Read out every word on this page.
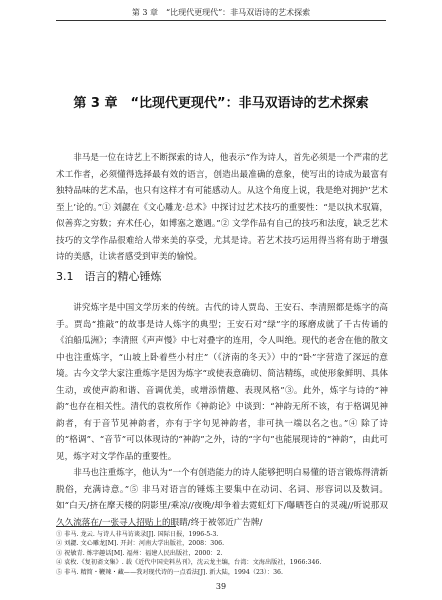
第 3 章　“比现代更现代”：非马双语诗的艺术探索
第 3 章　“比现代更现代”：非马双语诗的艺术探索

非马是一位在诗艺上不断探索的诗人，他表示“作为诗人，首先必须是一个严肃的艺术工作者，必须懂得选择最有效的语言，创造出最准确的意象，使写出的诗成为最富有独特品味的艺术品，也只有这样才有可能感动人。从这个角度上说，我是绝对拥护‘艺术至上’论的。”① 刘勰在《文心雕龙·总术》中探讨过艺术技巧的重要性：“是以执术驭篇，似善弈之穷数；弃术任心，如博塞之邀遇。”② 文学作品有自己的技巧和法度，缺乏艺术技巧的文学作品很难给人带来美的享受，尤其是诗。若艺术技巧运用得当将有助于增强诗的美感，让读者感受到审美的愉悦。

3.1　语言的精心锤炼

讲究炼字是中国文学历来的传统。古代的诗人贾岛、王安石、李清照都是炼字的高手。贾岛“推敲”的故事是诗人炼字的典型；王安石对“绿”字的琢磨成就了千古传诵的《泊船瓜洲》；李清照《声声慢》中七对叠字的连用，令人叫绝。现代的老舍在他的散文中也注重炼字，“山坡上卧着些小村庄”（《济南的冬天》）中的“卧”字营造了深远的意境。古今文学大家注重炼字是因为炼字“或使表意确切、简洁精练，或使形象鲜明、具体生动，或使声韵和谐、音调优美，或增添情趣、表现风格”③。此外，炼字与诗的“神韵”也存在相关性。清代的袁枚所作《神韵论》中谈到：“神韵无所不该，有于格调见神韵者，有于音节见神韵者，亦有于字句见神韵者，非可执一端以名之也。”④ 除了诗的“格调”、“音节”可以体现诗的“神韵”之外，诗的“字句”也能展现诗的“神韵”，由此可见，炼字对文学作品的重要性。

非马也注重炼字，他认为“一个有创造能力的诗人能够把明白易懂的语言锻炼得清新脱俗，充满诗意。”⑤ 非马对语言的锤炼主要集中在动词、名词、形容词以及数词。如“白天/挤在摩天楼的阴影里/乘凉//夜晚/却争着去霓虹灯下/曝晒苍白的灵魂//听说那双久久流落在/一张寻人招贴上的眼睛/终于被邻近广告牌/

① 非马. 龙云. 与诗人非马访谈录[J]. 国际日报，1996-5-3.
② 刘勰. 文心雕龙[M]. 开封：河南大学出版社，2008：306.
③ 祝敏青. 炼字趣话[M]. 福州：福建人民出版社，2000：2.
④ 袁枚.《复初斋文集》. 载《近代中国史料丛刊》，沈云龙主编，台湾：文海出版社，1966:346.
⑤ 非马. 精简・鞭辣・藏——我对现代诗的一点看法[J]. 新大陆，1994（23）：36.
39
